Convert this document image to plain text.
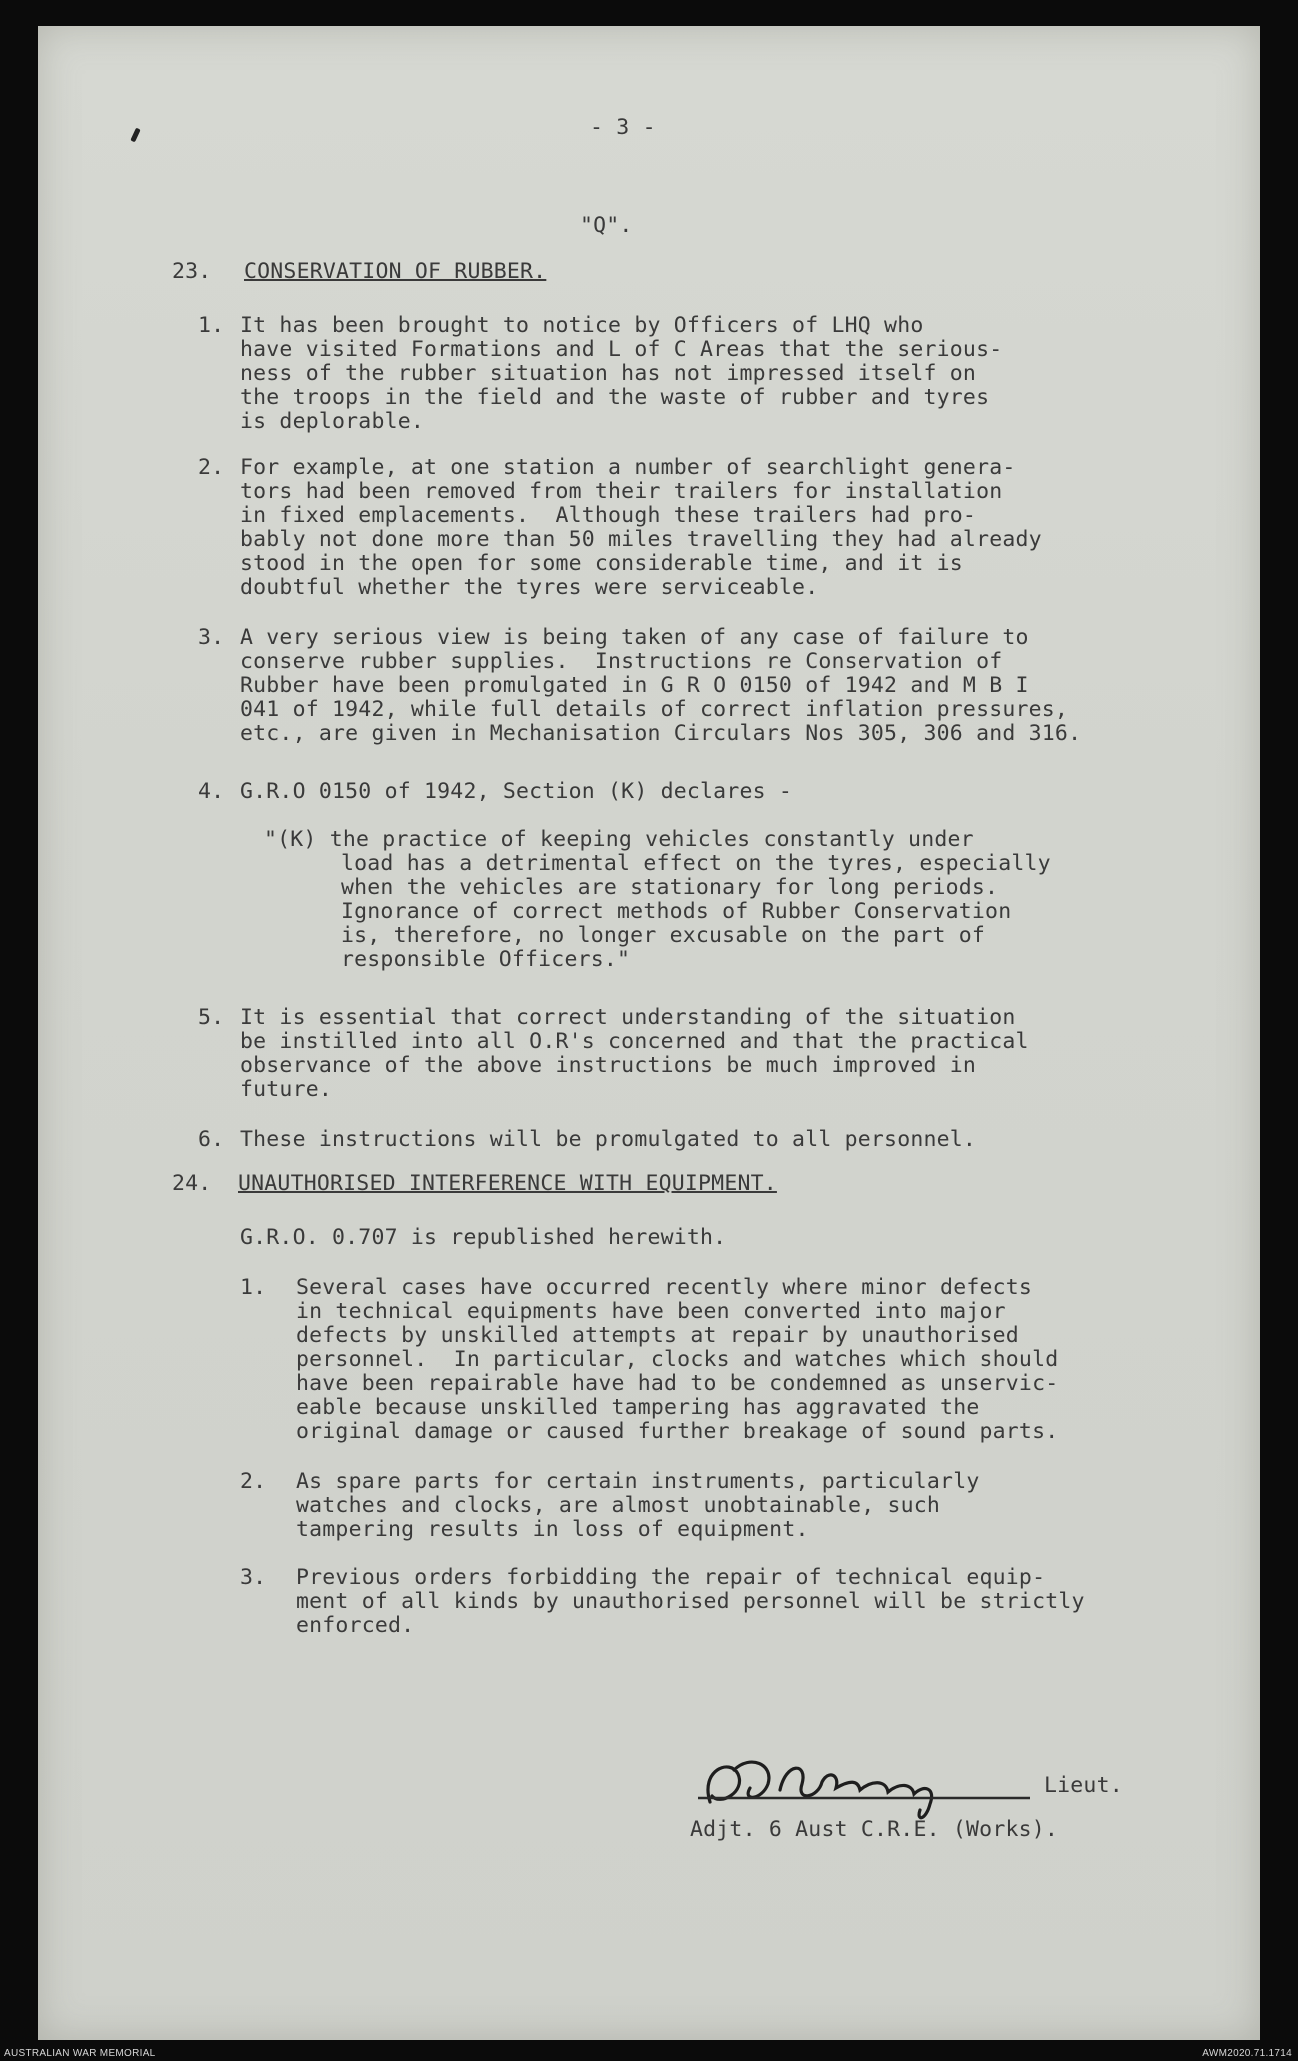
- 3 -
"Q".
23. CONSERVATION OF RUBBER.
1. It has been brought to notice by Officers of LHQ who
have visited Formations and L of C Areas that the serious-
ness of the rubber situation has not impressed itself on
the troops in the field and the waste of rubber and tyres
is deplorable.
2. For example, at one station a number of searchlight genera-
tors had been removed from their trailers for installation
in fixed emplacements.  Although these trailers had pro-
bably not done more than 50 miles travelling they had already
stood in the open for some considerable time, and it is
doubtful whether the tyres were serviceable.
3. A very serious view is being taken of any case of failure to
conserve rubber supplies.  Instructions re Conservation of
Rubber have been promulgated in G R O 0150 of 1942 and M B I
041 of 1942, while full details of correct inflation pressures,
etc., are given in Mechanisation Circulars Nos 305, 306 and 316.
4. G.R.O 0150 of 1942, Section (K) declares -
"(K) the practice of keeping vehicles constantly under
load has a detrimental effect on the tyres, especially
when the vehicles are stationary for long periods.
Ignorance of correct methods of Rubber Conservation
is, therefore, no longer excusable on the part of
responsible Officers."
5. It is essential that correct understanding of the situation
be instilled into all O.R's concerned and that the practical
observance of the above instructions be much improved in
future.
6. These instructions will be promulgated to all personnel.
24. UNAUTHORISED INTERFERENCE WITH EQUIPMENT.
G.R.O. 0.707 is republished herewith.
1. Several cases have occurred recently where minor defects
in technical equipments have been converted into major
defects by unskilled attempts at repair by unauthorised
personnel.  In particular, clocks and watches which should
have been repairable have had to be condemned as unservic-
eable because unskilled tampering has aggravated the
original damage or caused further breakage of sound parts.
2. As spare parts for certain instruments, particularly
watches and clocks, are almost unobtainable, such
tampering results in loss of equipment.
3. Previous orders forbidding the repair of technical equip-
ment of all kinds by unauthorised personnel will be strictly
enforced.
Lieut.
Adjt. 6 Aust C.R.E. (Works).
AUSTRALIAN WAR MEMORIAL	AWM2020.71.1714
